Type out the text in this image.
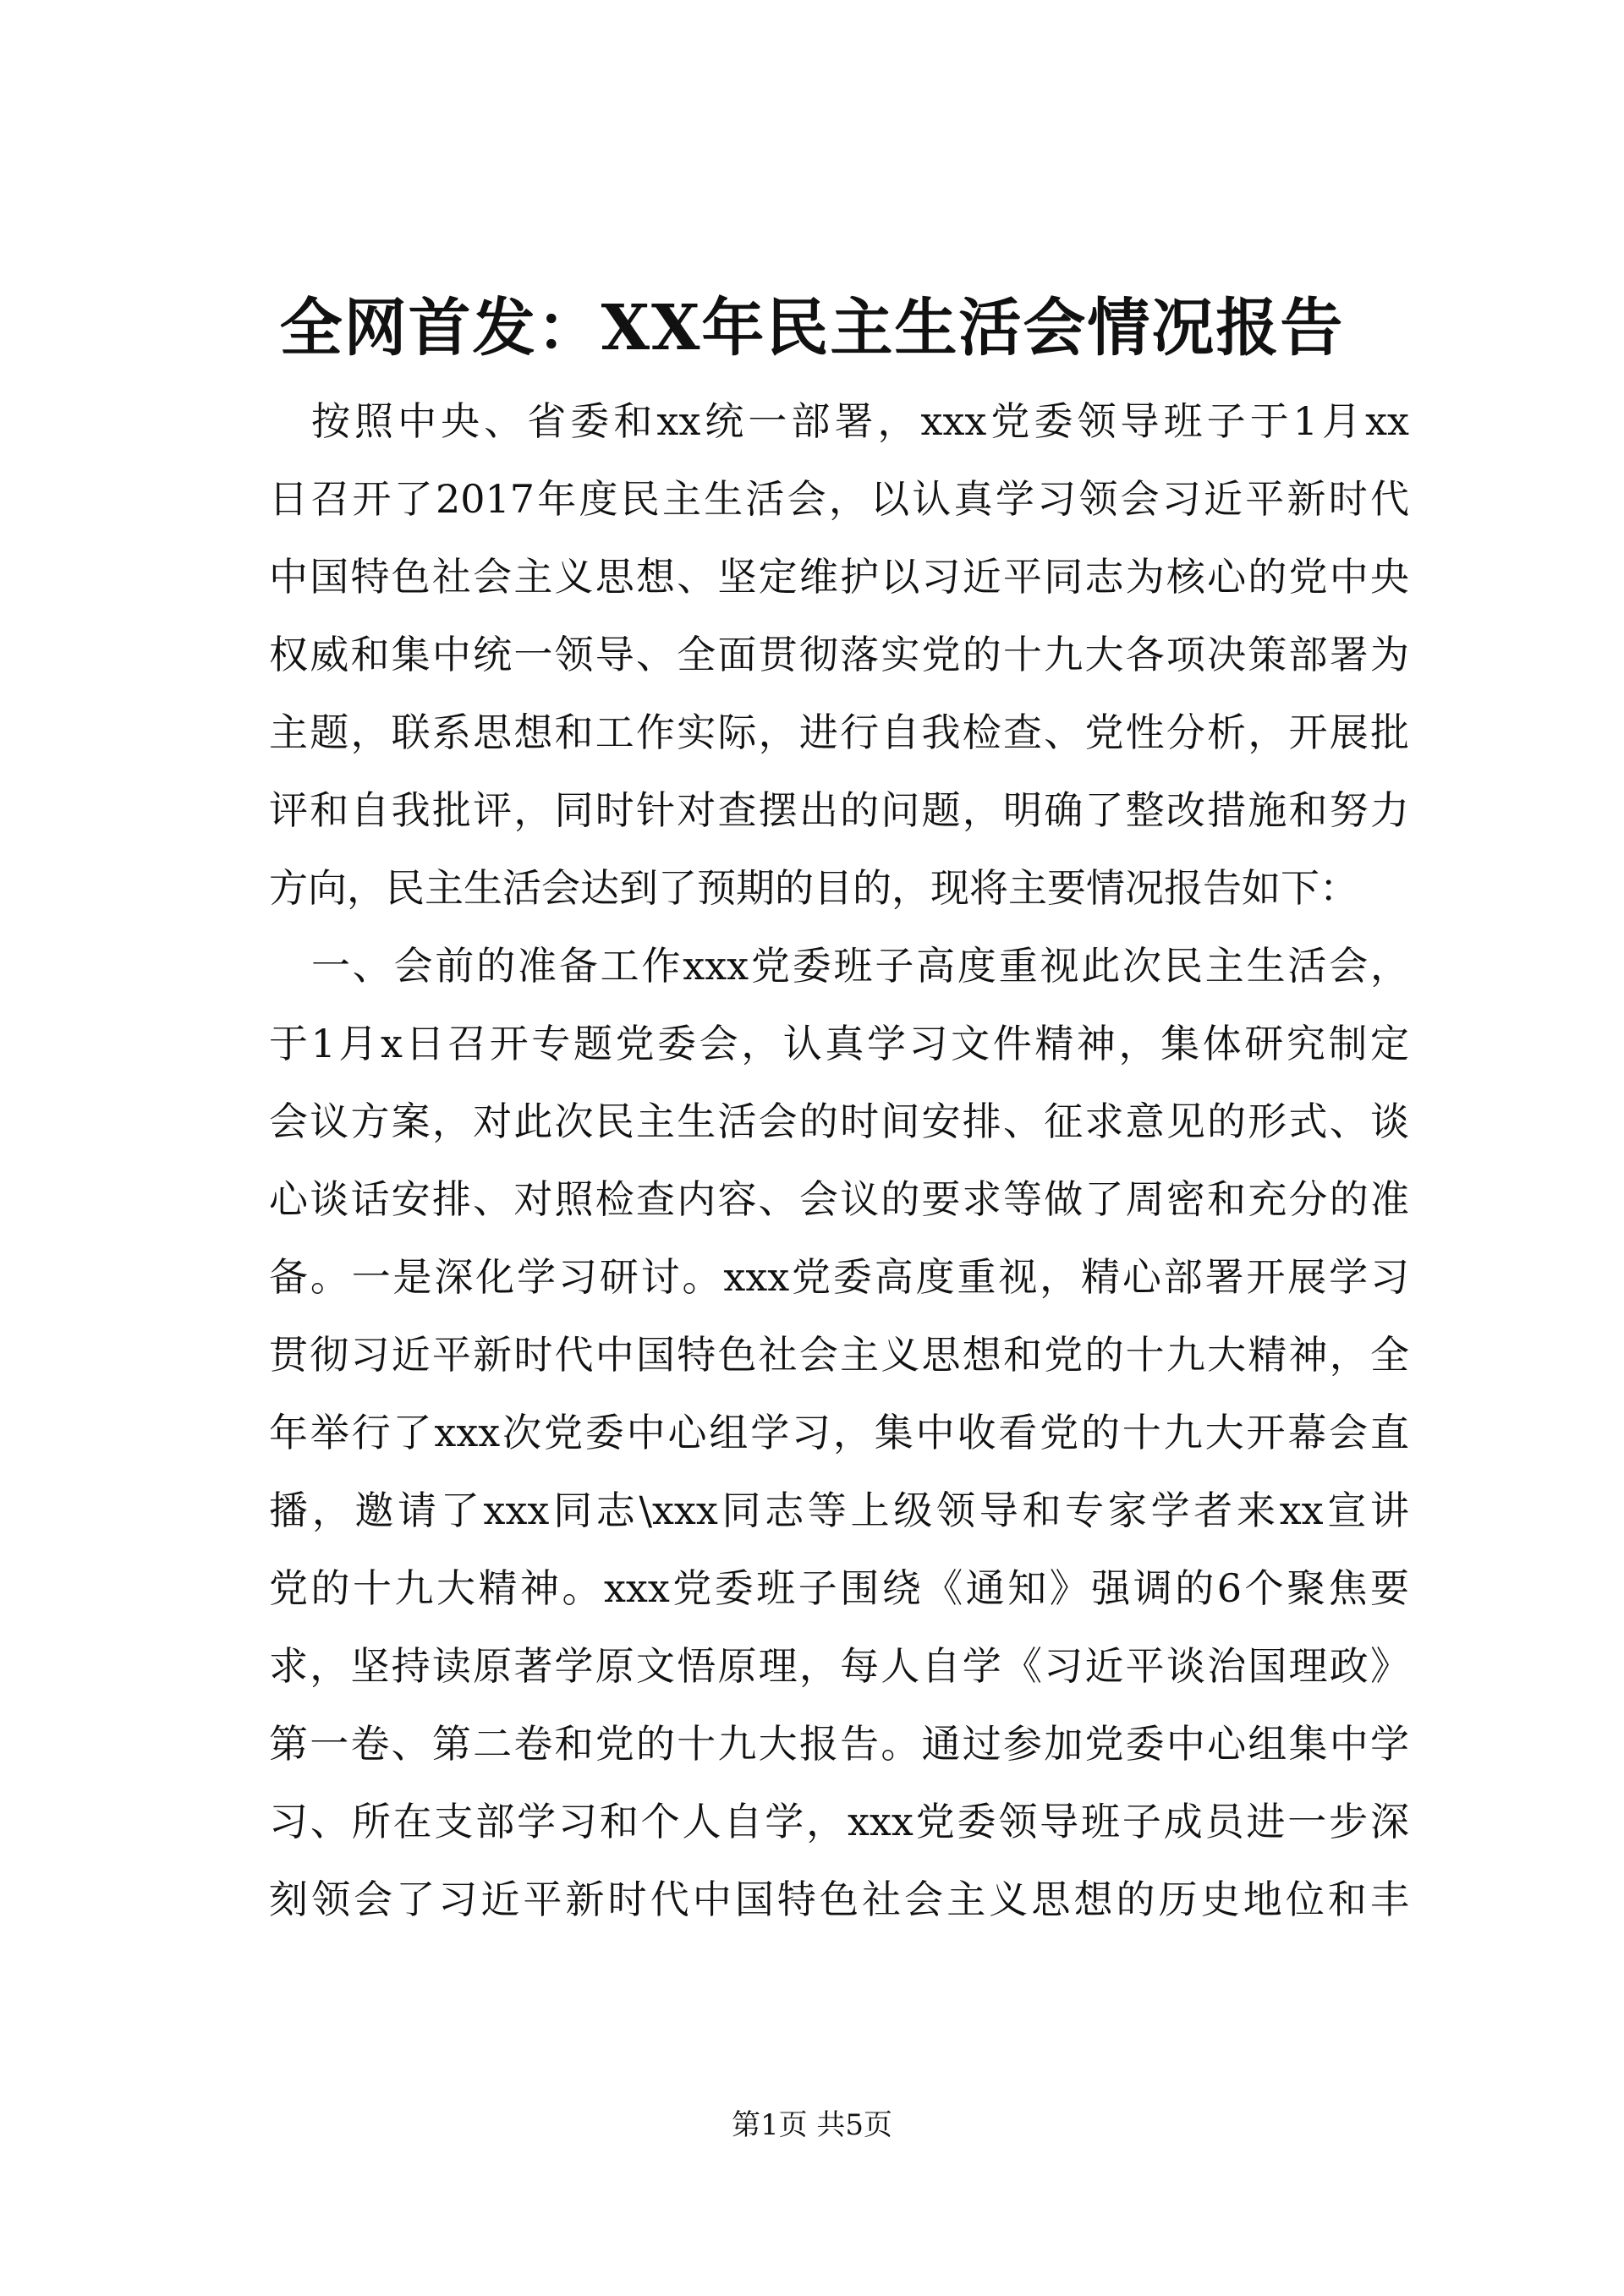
全网首发：XX年民主生活会情况报告
按照中央、省委和xx统一部署，xxx党委领导班子于1月xx
日召开了2017年度民主生活会，以认真学习领会习近平新时代
中国特色社会主义思想、坚定维护以习近平同志为核心的党中央
权威和集中统一领导、全面贯彻落实党的十九大各项决策部署为
主题，联系思想和工作实际，进行自我检查、党性分析，开展批
评和自我批评，同时针对查摆出的问题，明确了整改措施和努力
方向，民主生活会达到了预期的目的，现将主要情况报告如下：
一、会前的准备工作xxx党委班子高度重视此次民主生活会，
于1月x日召开专题党委会，认真学习文件精神，集体研究制定
会议方案，对此次民主生活会的时间安排、征求意见的形式、谈
心谈话安排、对照检查内容、会议的要求等做了周密和充分的准
备。一是深化学习研讨。xxx党委高度重视，精心部署开展学习
贯彻习近平新时代中国特色社会主义思想和党的十九大精神，全
年举行了xxx次党委中心组学习，集中收看党的十九大开幕会直
播，邀请了xxx同志\xxx同志等上级领导和专家学者来xx宣讲
党的十九大精神。xxx党委班子围绕《通知》强调的6个聚焦要
求，坚持读原著学原文悟原理，每人自学《习近平谈治国理政》
第一卷、第二卷和党的十九大报告。通过参加党委中心组集中学
习、所在支部学习和个人自学，xxx党委领导班子成员进一步深
刻领会了习近平新时代中国特色社会主义思想的历史地位和丰
第1页 共5页
